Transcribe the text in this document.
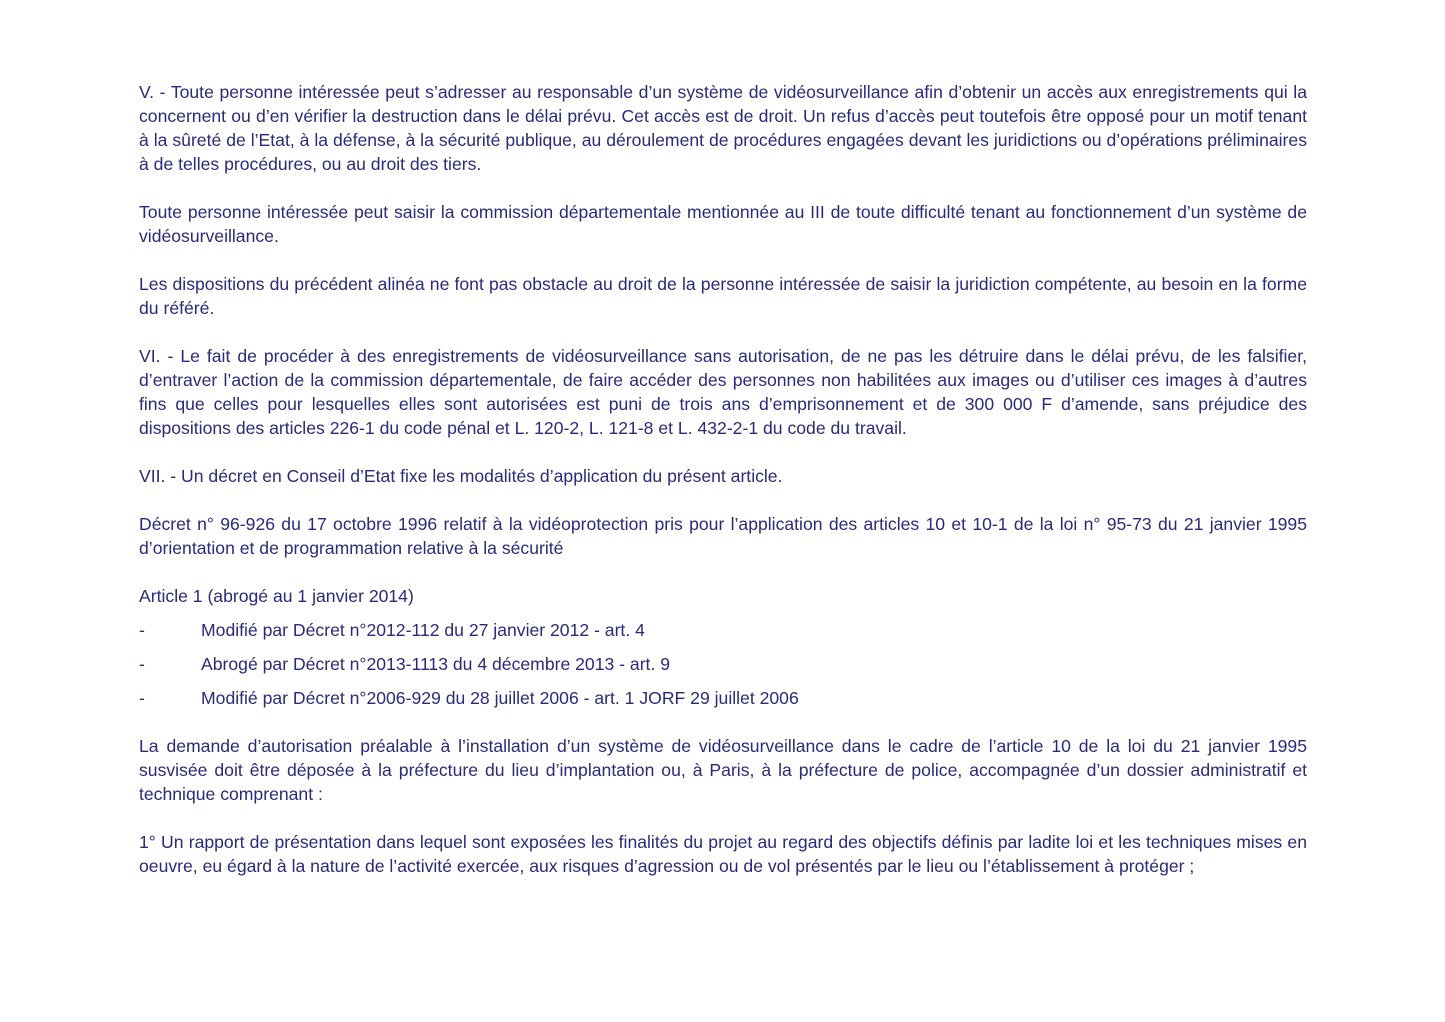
V. - Toute personne intéressée peut s’adresser au responsable d’un système de vidéosurveillance afin d’obtenir un accès aux enregistrements qui la concernent ou d’en vérifier la destruction dans le délai prévu. Cet accès est de droit. Un refus d’accès peut toutefois être opposé pour un motif tenant à la sûreté de l’Etat, à la défense, à la sécurité publique, au déroulement de procédures engagées devant les juridictions ou d’opérations préliminaires à de telles procédures, ou au droit des tiers.

Toute personne intéressée peut saisir la commission départementale mentionnée au III de toute difficulté tenant au fonctionnement d’un système de vidéosurveillance.

Les dispositions du précédent alinéa ne font pas obstacle au droit de la personne intéressée de saisir la juridiction compétente, au besoin en la forme du référé.

VI. - Le fait de procéder à des enregistrements de vidéosurveillance sans autorisation, de ne pas les détruire dans le délai prévu, de les falsifier, d’entraver l’action de la commission départementale, de faire accéder des personnes non habilitées aux images ou d’utiliser ces images à d’autres fins que celles pour lesquelles elles sont autorisées est puni de trois ans d’emprisonnement et de 300 000 F d’amende, sans préjudice des dispositions des articles 226-1 du code pénal et L. 120-2, L. 121-8 et L. 432-2-1 du code du travail.

VII. - Un décret en Conseil d’Etat fixe les modalités d’application du présent article.

Décret n° 96-926 du 17 octobre 1996 relatif à la vidéoprotection pris pour l’application des articles 10 et 10-1 de la loi n° 95-73 du 21 janvier 1995 d’orientation et de programmation relative à la sécurité

Article 1 (abrogé au 1 janvier 2014)

-	Modifié par Décret n°2012-112 du 27 janvier 2012 - art. 4
-	Abrogé par Décret n°2013-1113 du 4 décembre 2013 - art. 9
-	Modifié par Décret n°2006-929 du 28 juillet 2006 - art. 1 JORF 29 juillet 2006

La demande d’autorisation préalable à l’installation d’un système de vidéosurveillance dans le cadre de l’article 10 de la loi du 21 janvier 1995 susvisée doit être déposée à la préfecture du lieu d’implantation ou, à Paris, à la préfecture de police, accompagnée d’un dossier administratif et technique comprenant :

1° Un rapport de présentation dans lequel sont exposées les finalités du projet au regard des objectifs définis par ladite loi et les techniques mises en oeuvre, eu égard à la nature de l’activité exercée, aux risques d’agression ou de vol présentés par le lieu ou l’établissement à protéger ;
